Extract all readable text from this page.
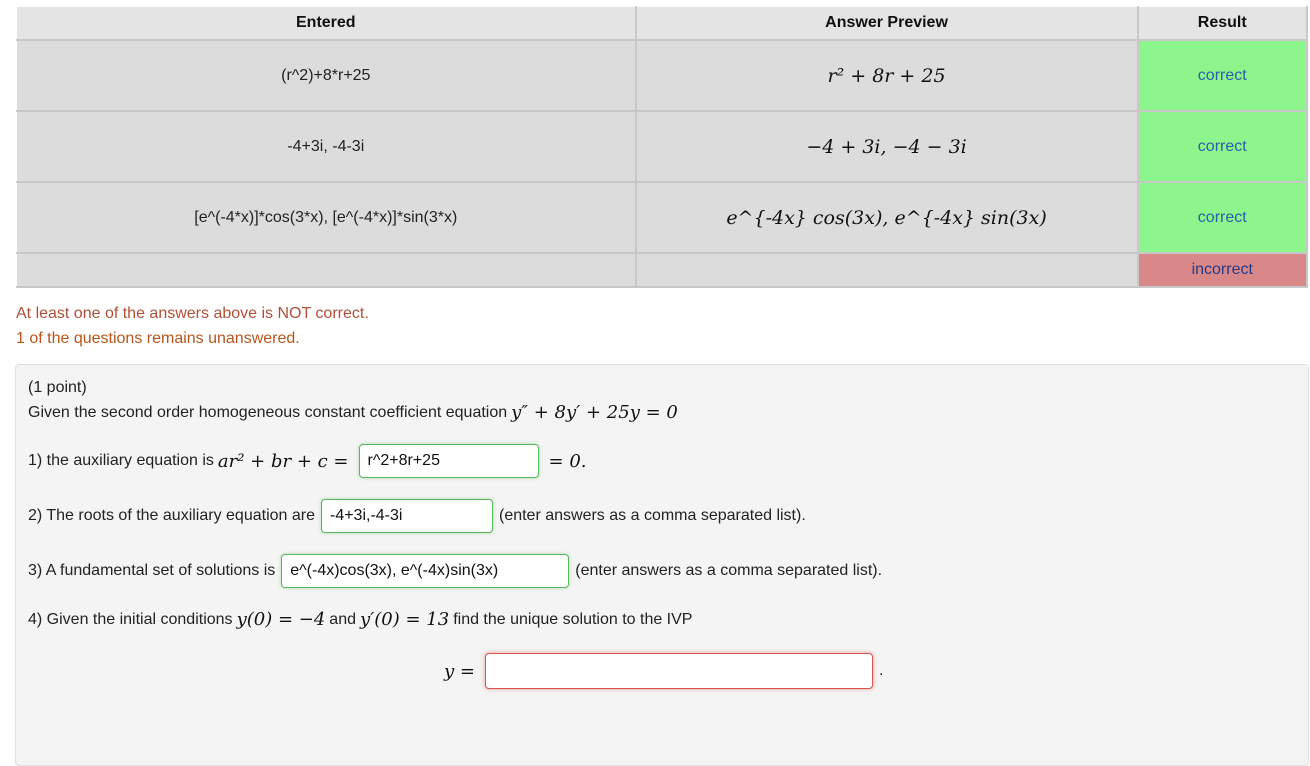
Entered	Answer Preview	Result
(r^2)+8*r+25	r² + 8r + 25	correct
-4+3i, -4-3i	−4 + 3i, −4 − 3i	correct
[e^(-4*x)]*cos(3*x), [e^(-4*x)]*sin(3*x)	e^{-4x} cos(3x), e^{-4x} sin(3x)	correct
		incorrect
At least one of the answers above is NOT correct.
1 of the questions remains unanswered.
(1 point)
Given the second order homogeneous constant coefficient equation y″ + 8y′ + 25y = 0
1) the auxiliary equation is ar² + br + c =
r^2+8r+25	= 0.
2) The roots of the auxiliary equation are
-4+3i,-4-3i	(enter answers as a comma separated list).
3) A fundamental set of solutions is
e^(-4x)cos(3x), e^(-4x)sin(3x)	(enter answers as a comma separated list).
4) Given the initial conditions y(0) = −4 and y′(0) = 13 find the unique solution to the IVP
y =	.
